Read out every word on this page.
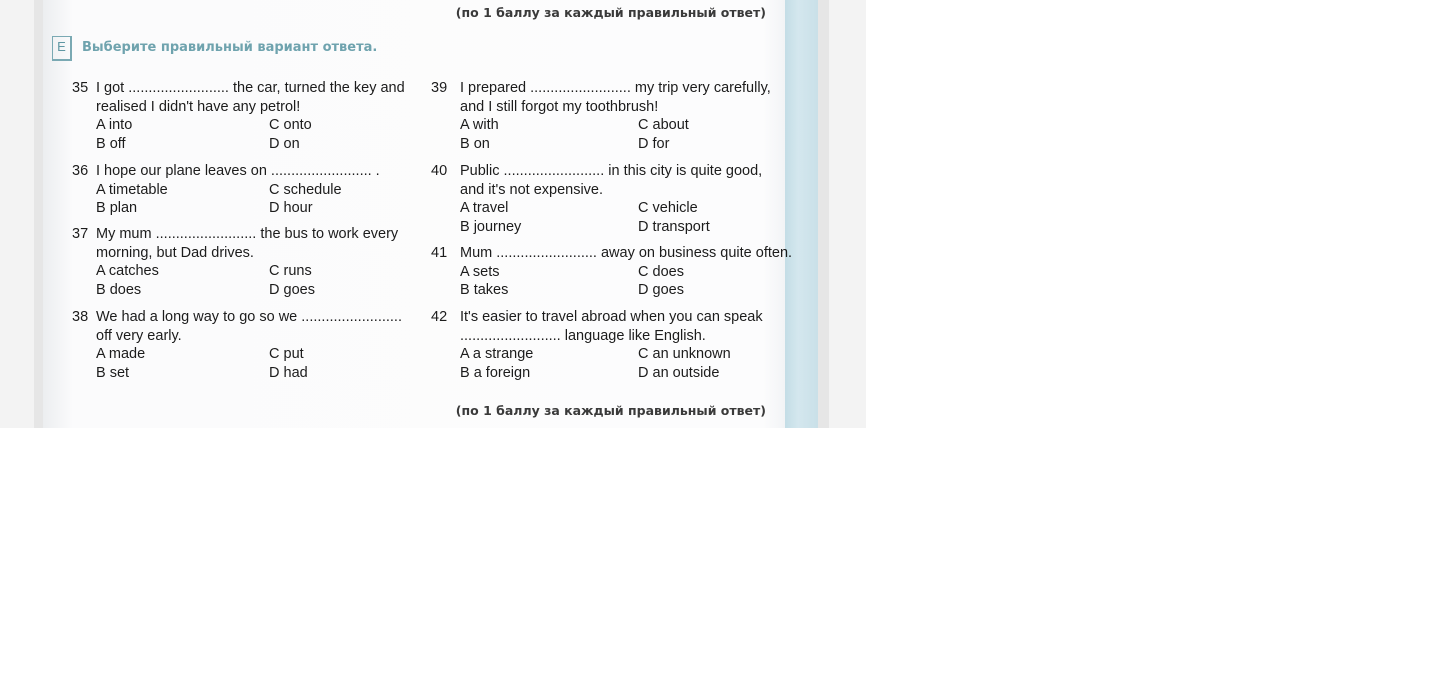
(по 1 баллу за каждый правильный ответ)
E	Выберите правильный вариант ответа.
35 I got ......................... the car, turned the key and
realised I didn't have any petrol!
A into	C onto
B off	D on
36 I hope our plane leaves on ......................... .
A timetable	C schedule
B plan	D hour
37 My mum ......................... the bus to work every
morning, but Dad drives.
A catches	C runs
B does	D goes
38 We had a long way to go so we .........................
off very early.
A made	C put
B set	D had
39 I prepared ......................... my trip very carefully,
and I still forgot my toothbrush!
A with	C about
B on	D for
40 Public ......................... in this city is quite good,
and it's not expensive.
A travel	C vehicle
B journey	D transport
41 Mum ......................... away on business quite often.
A sets	C does
B takes	D goes
42 It's easier to travel abroad when you can speak
......................... language like English.
A a strange	C an unknown
B a foreign	D an outside
(по 1 баллу за каждый правильный ответ)
